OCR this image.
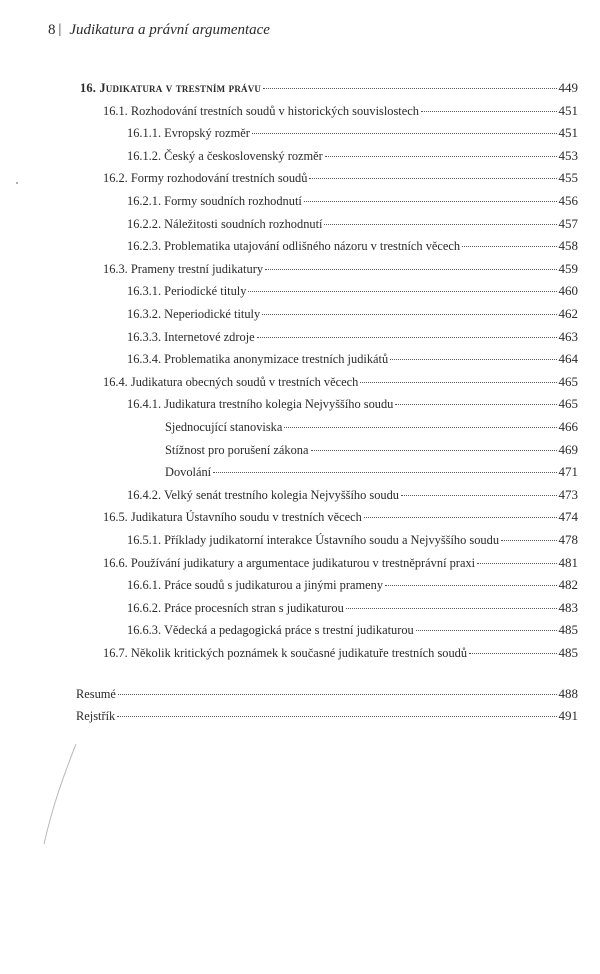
8 | Judikatura a právní argumentace
16. Judikatura v trestním právu	449
16.1. Rozhodování trestních soudů v historických souvislostech	451
16.1.1. Evropský rozměr	451
16.1.2. Český a československý rozměr	453
16.2. Formy rozhodování trestních soudů	455
16.2.1. Formy soudních rozhodnutí	456
16.2.2. Náležitosti soudních rozhodnutí	457
16.2.3. Problematika utajování odlišného názoru v trestních věcech	458
16.3. Prameny trestní judikatury	459
16.3.1. Periodické tituly	460
16.3.2. Neperiodické tituly	462
16.3.3. Internetové zdroje	463
16.3.4. Problematika anonymizace trestních judikátů	464
16.4. Judikatura obecných soudů v trestních věcech	465
16.4.1. Judikatura trestního kolegia Nejvyššího soudu	465
Sjednocující stanoviska	466
Stížnost pro porušení zákona	469
Dovolání	471
16.4.2. Velký senát trestního kolegia Nejvyššího soudu	473
16.5. Judikatura Ústavního soudu v trestních věcech	474
16.5.1. Příklady judikatorní interakce Ústavního soudu a Nejvyššího soudu	478
16.6. Používání judikatury a argumentace judikaturou v trestněprávní praxi	481
16.6.1. Práce soudů s judikaturou a jinými prameny	482
16.6.2. Práce procesních stran s judikaturou	483
16.6.3. Vědecká a pedagogická práce s trestní judikaturou	485
16.7. Několik kritických poznámek k současné judikatuře trestních soudů	485
Resumé	488
Rejstřík	491
